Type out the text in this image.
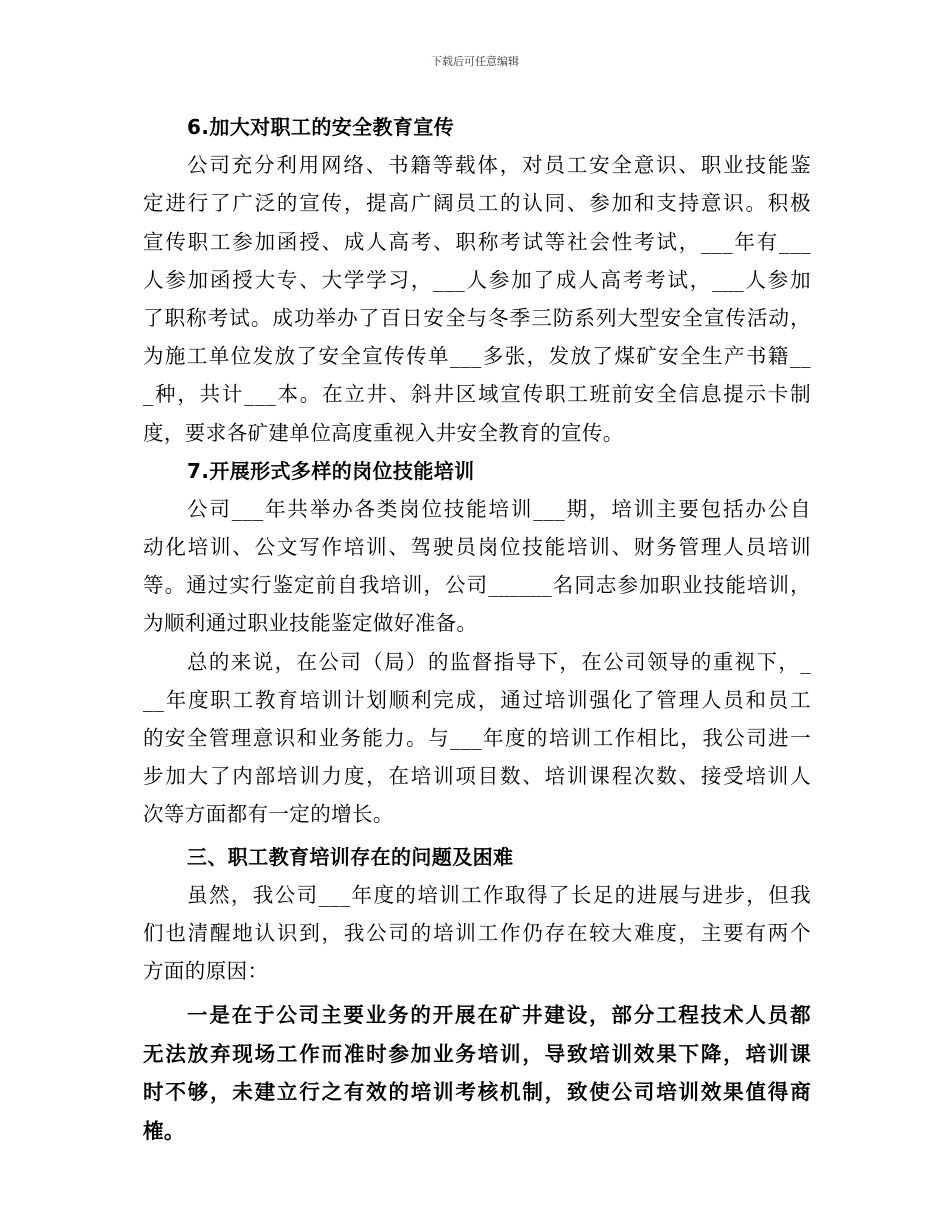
下载后可任意编辑
6.加大对职工的安全教育宣传
公司充分利用网络、书籍等载体，对员工安全意识、职业技能鉴
定进行了广泛的宣传，提高广阔员工的认同、参加和支持意识。积极
宣传职工参加函授、成人高考、职称考试等社会性考试，___年有___
人参加函授大专、大学学习，___人参加了成人高考考试，___人参加
了职称考试。成功举办了百日安全与冬季三防系列大型安全宣传活动，
为施工单位发放了安全宣传传单___多张，发放了煤矿安全生产书籍__
_种，共计___本。在立井、斜井区域宣传职工班前安全信息提示卡制
度，要求各矿建单位高度重视入井安全教育的宣传。
7.开展形式多样的岗位技能培训
公司___年共举办各类岗位技能培训___期，培训主要包括办公自
动化培训、公文写作培训、驾驶员岗位技能培训、财务管理人员培训
等。通过实行鉴定前自我培训，公司______名同志参加职业技能培训，
为顺利通过职业技能鉴定做好准备。
总的来说，在公司（局）的监督指导下，在公司领导的重视下，_
__年度职工教育培训计划顺利完成，通过培训强化了管理人员和员工
的安全管理意识和业务能力。与___年度的培训工作相比，我公司进一
步加大了内部培训力度，在培训项目数、培训课程次数、接受培训人
次等方面都有一定的增长。
三、职工教育培训存在的问题及困难
虽然，我公司___年度的培训工作取得了长足的进展与进步，但我
们也清醒地认识到，我公司的培训工作仍存在较大难度，主要有两个
方面的原因：
一是在于公司主要业务的开展在矿井建设，部分工程技术人员都
无法放弃现场工作而准时参加业务培训，导致培训效果下降，培训课
时不够，未建立行之有效的培训考核机制，致使公司培训效果值得商
榷。
